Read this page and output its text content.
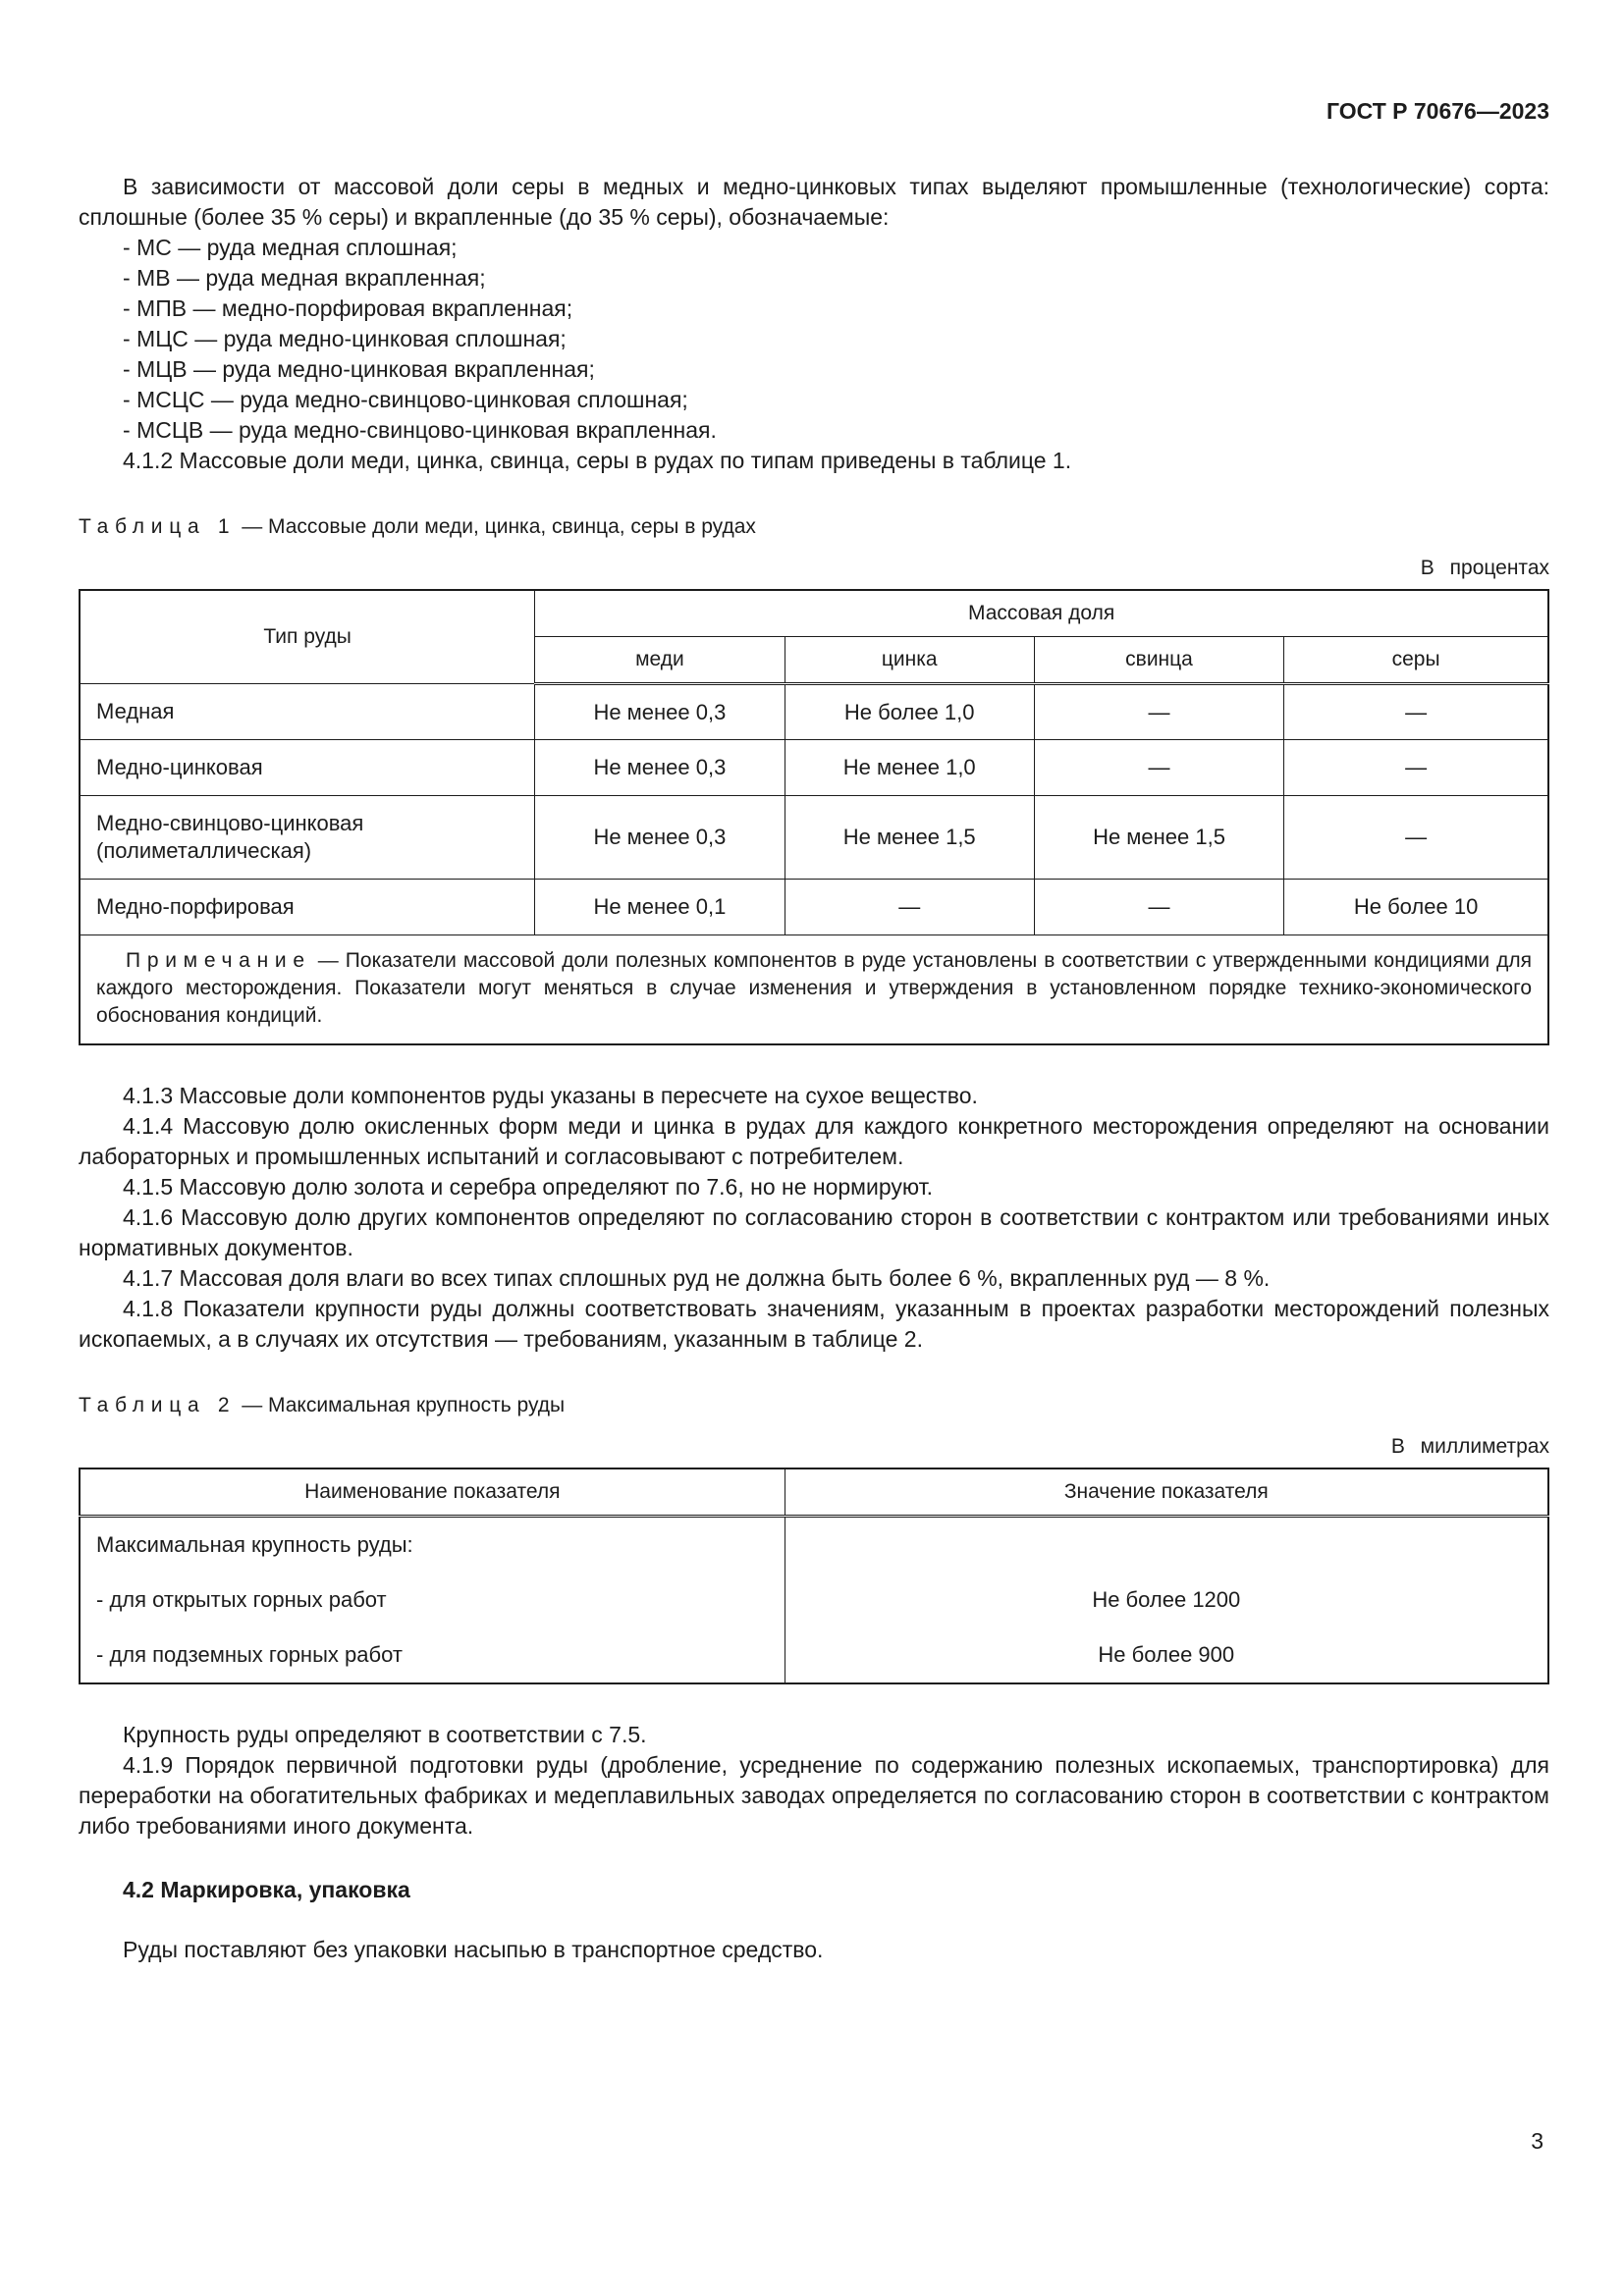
ГОСТ Р 70676—2023

В зависимости от массовой доли серы в медных и медно-цинковых типах выделяют промышленные (технологические) сорта: сплошные (более 35 % серы) и вкрапленные (до 35 % серы), обозначаемые:

- МС — руда медная сплошная;
- МВ — руда медная вкрапленная;
- МПВ — медно-порфировая вкрапленная;
- МЦС — руда медно-цинковая сплошная;
- МЦВ — руда медно-цинковая вкрапленная;
- МСЦС — руда медно-свинцово-цинковая сплошная;
- МСЦВ — руда медно-свинцово-цинковая вкрапленная.

4.1.2 Массовые доли меди, цинка, свинца, серы в рудах по типам приведены в таблице 1.

Таблица 1 — Массовые доли меди, цинка, свинца, серы в рудах

В процентах
Тип руды	Массовая доля			
	меди	цинка	свинца	серы
Медная	Не менее 0,3	Не более 1,0	—	—
Медно-цинковая	Не менее 0,3	Не менее 1,0	—	—
Медно-свинцово-цинковая (полиметаллическая)	Не менее 0,3	Не менее 1,5	Не менее 1,5	—
Медно-порфировая	Не менее 0,1	—	—	Не более 10

Примечание — Показатели массовой доли полезных компонентов в руде установлены в соответствии с утвержденными кондициями для каждого месторождения. Показатели могут меняться в случае изменения и утверждения в установленном порядке технико-экономического обоснования кондиций.				

4.1.3 Массовые доли компонентов руды указаны в пересчете на сухое вещество.

4.1.4 Массовую долю окисленных форм меди и цинка в рудах для каждого конкретного месторождения определяют на основании лабораторных и промышленных испытаний и согласовывают с потребителем.

4.1.5 Массовую долю золота и серебра определяют по 7.6, но не нормируют.

4.1.6 Массовую долю других компонентов определяют по согласованию сторон в соответствии с контрактом или требованиями иных нормативных документов.

4.1.7 Массовая доля влаги во всех типах сплошных руд не должна быть более 6 %, вкрапленных руд — 8 %.

4.1.8 Показатели крупности руды должны соответствовать значениям, указанным в проектах разработки месторождений полезных ископаемых, а в случаях их отсутствия — требованиям, указанным в таблице 2.

Таблица 2 — Максимальная крупность руды

В миллиметрах
Наименование показателя	Значение показателя
Максимальная крупность руды:	
- для открытых горных работ	Не более 1200
- для подземных горных работ	Не более 900

Крупность руды определяют в соответствии с 7.5.

4.1.9 Порядок первичной подготовки руды (дробление, усреднение по содержанию полезных ископаемых, транспортировка) для переработки на обогатительных фабриках и медеплавильных заводах определяется по согласованию сторон в соответствии с контрактом либо требованиями иного документа.

4.2 Маркировка, упаковка

Руды поставляют без упаковки насыпью в транспортное средство.

3
